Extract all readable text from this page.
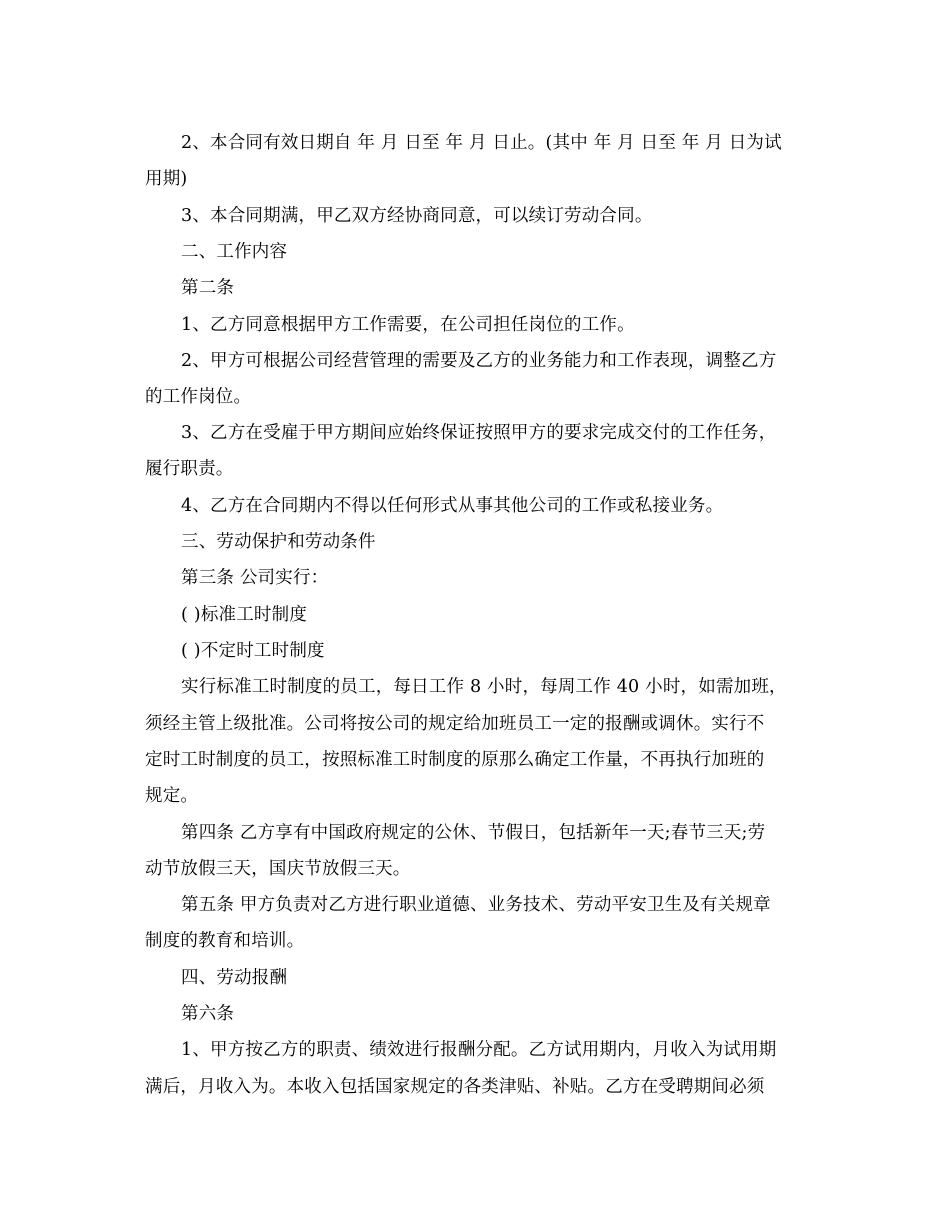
2、本合同有效日期自 年 月 日至 年 月 日止。(其中 年 月 日至 年 月 日为试
用期)
3、本合同期满，甲乙双方经协商同意，可以续订劳动合同。
二、工作内容
第二条
1、乙方同意根据甲方工作需要，在公司担任岗位的工作。
2、甲方可根据公司经营管理的需要及乙方的业务能力和工作表现，调整乙方
的工作岗位。
3、乙方在受雇于甲方期间应始终保证按照甲方的要求完成交付的工作任务，
履行职责。
4、乙方在合同期内不得以任何形式从事其他公司的工作或私接业务。
三、劳动保护和劳动条件
第三条 公司实行：
( )标准工时制度
( )不定时工时制度
实行标准工时制度的员工，每日工作 8 小时，每周工作 40 小时，如需加班，
须经主管上级批准。公司将按公司的规定给加班员工一定的报酬或调休。实行不
定时工时制度的员工，按照标准工时制度的原那么确定工作量，不再执行加班的
规定。
第四条 乙方享有中国政府规定的公休、节假日，包括新年一天;春节三天;劳
动节放假三天，国庆节放假三天。
第五条 甲方负责对乙方进行职业道德、业务技术、劳动平安卫生及有关规章
制度的教育和培训。
四、劳动报酬
第六条
1、甲方按乙方的职责、绩效进行报酬分配。乙方试用期内，月收入为试用期
满后，月收入为。本收入包括国家规定的各类津贴、补贴。乙方在受聘期间必须
